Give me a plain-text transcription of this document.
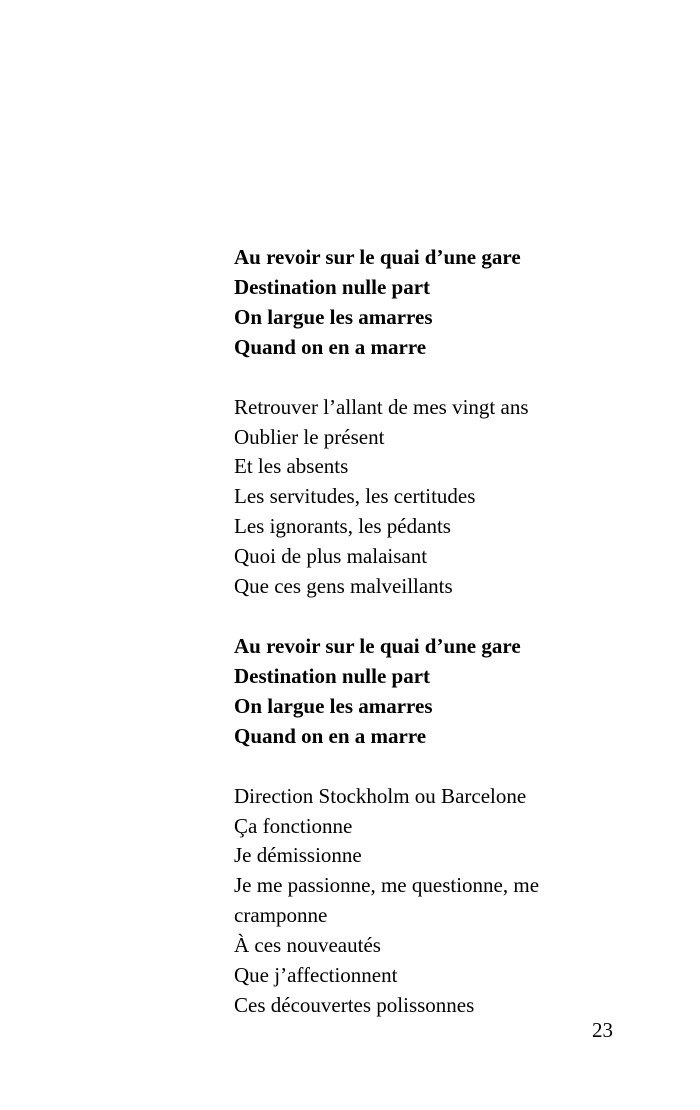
Au revoir sur le quai d’une gare
Destination nulle part
On largue les amarres
Quand on en a marre
Retrouver l’allant de mes vingt ans
Oublier le présent
Et les absents
Les servitudes, les certitudes
Les ignorants, les pédants
Quoi de plus malaisant
Que ces gens malveillants
Au revoir sur le quai d’une gare
Destination nulle part
On largue les amarres
Quand on en a marre
Direction Stockholm ou Barcelone
Ça fonctionne
Je démissionne
Je me passionne, me questionne, me
cramponne
À ces nouveautés
Que j’affectionnent
Ces découvertes polissonnes
23
